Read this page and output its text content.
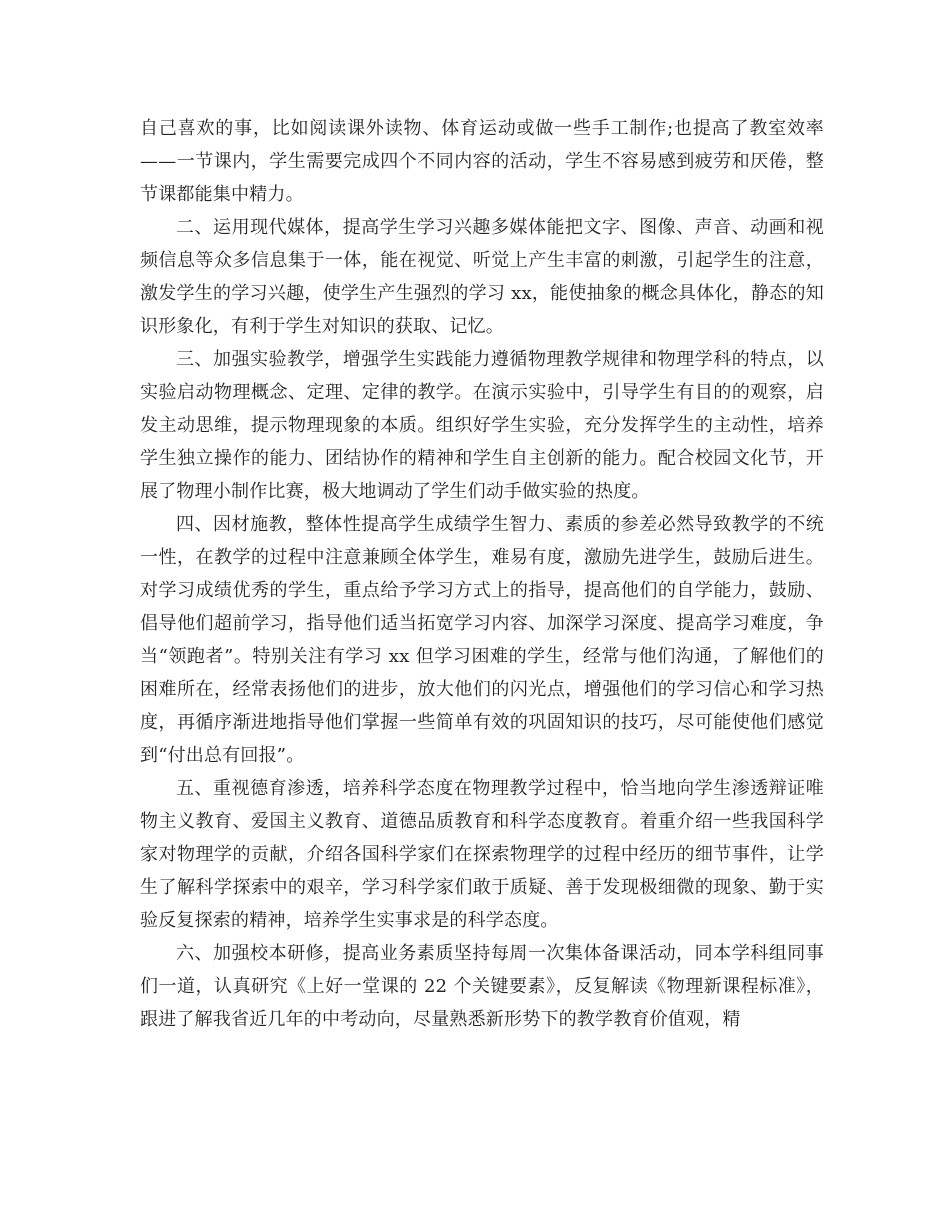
自己喜欢的事，比如阅读课外读物、体育运动或做一些手工制作;也提高了教室效率——一节课内，学生需要完成四个不同内容的活动，学生不容易感到疲劳和厌倦，整节课都能集中精力。

二、运用现代媒体，提高学生学习兴趣多媒体能把文字、图像、声音、动画和视频信息等众多信息集于一体，能在视觉、听觉上产生丰富的刺激，引起学生的注意，激发学生的学习兴趣，使学生产生强烈的学习 xx，能使抽象的概念具体化，静态的知识形象化，有利于学生对知识的获取、记忆。

三、加强实验教学，增强学生实践能力遵循物理教学规律和物理学科的特点，以实验启动物理概念、定理、定律的教学。在演示实验中，引导学生有目的的观察，启发主动思维，提示物理现象的本质。组织好学生实验，充分发挥学生的主动性，培养学生独立操作的能力、团结协作的精神和学生自主创新的能力。配合校园文化节，开展了物理小制作比赛，极大地调动了学生们动手做实验的热度。

四、因材施教，整体性提高学生成绩学生智力、素质的参差必然导致教学的不统一性，在教学的过程中注意兼顾全体学生，难易有度，激励先进学生，鼓励后进生。对学习成绩优秀的学生，重点给予学习方式上的指导，提高他们的自学能力，鼓励、倡导他们超前学习，指导他们适当拓宽学习内容、加深学习深度、提高学习难度，争当“领跑者”。特别关注有学习 xx 但学习困难的学生，经常与他们沟通，了解他们的困难所在，经常表扬他们的进步，放大他们的闪光点，增强他们的学习信心和学习热度，再循序渐进地指导他们掌握一些简单有效的巩固知识的技巧，尽可能使他们感觉到“付出总有回报”。

五、重视德育渗透，培养科学态度在物理教学过程中，恰当地向学生渗透辩证唯物主义教育、爱国主义教育、道德品质教育和科学态度教育。着重介绍一些我国科学家对物理学的贡献，介绍各国科学家们在探索物理学的过程中经历的细节事件，让学生了解科学探索中的艰辛，学习科学家们敢于质疑、善于发现极细微的现象、勤于实验反复探索的精神，培养学生实事求是的科学态度。

六、加强校本研修，提高业务素质坚持每周一次集体备课活动，同本学科组同事们一道，认真研究《上好一堂课的 22 个关键要素》，反复解读《物理新课程标准》，跟进了解我省近几年的中考动向，尽量熟悉新形势下的教学教育价值观，精
